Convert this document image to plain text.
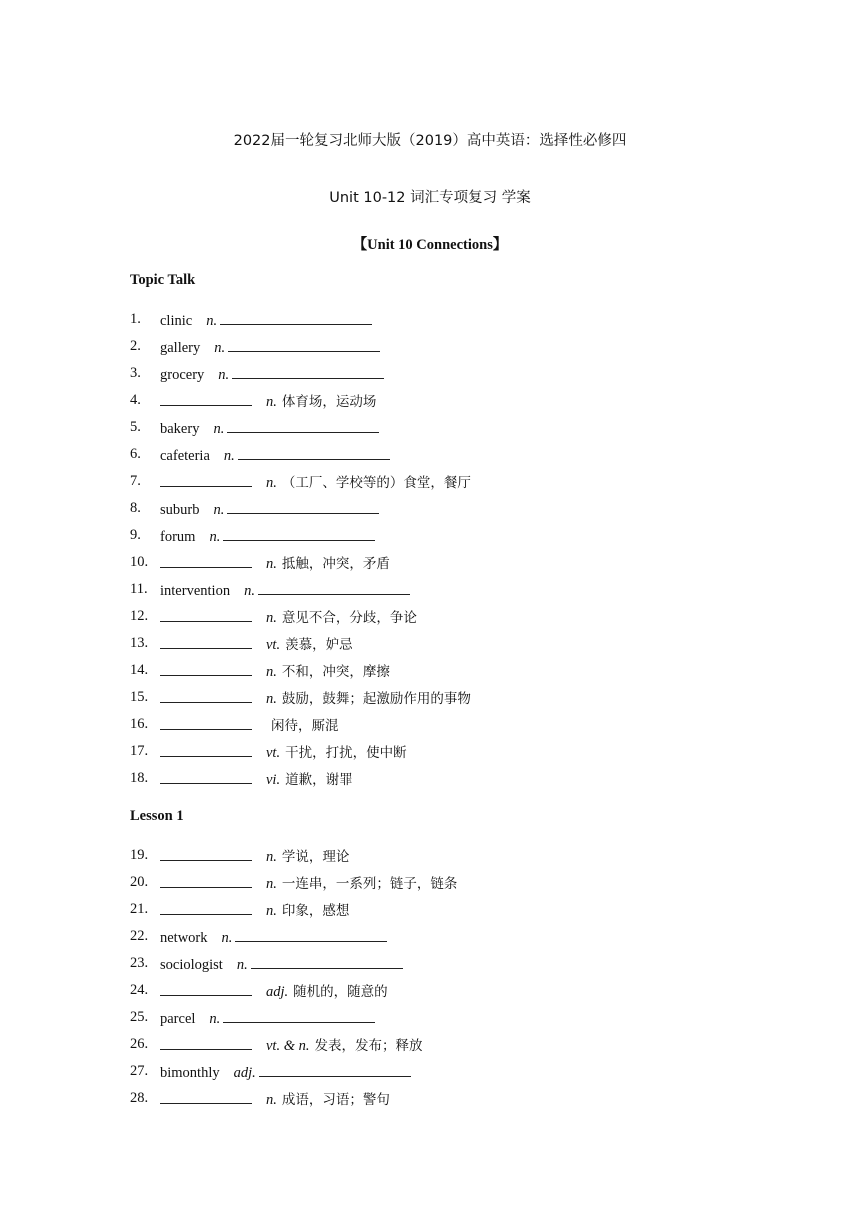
2022届一轮复习北师大版（2019）高中英语：选择性必修四
Unit 10-12 词汇专项复习 学案
【Unit 10 Connections】
Topic Talk
1. clinic n.
2. gallery n.
3. grocery n.
4.	n. 体育场，运动场
5. bakery n.
6. cafeteria n.
7.	n. （工厂、学校等的）食堂，餐厅
8. suburb n.
9. forum n.
10.	n. 抵触，冲突，矛盾
11. intervention n.
12.	n. 意见不合，分歧，争论
13.	vt. 羡慕，妒忌
14.	n. 不和，冲突，摩擦
15.	n. 鼓励，鼓舞；起激励作用的事物
16.	闲待，厮混
17.	vt. 干扰，打扰，使中断
18.	vi. 道歉，谢罪
Lesson 1
19.	n. 学说，理论
20.	n. 一连串，一系列；链子，链条
21.	n. 印象，感想
22. network n.
23. sociologist n.
24.	adj. 随机的，随意的
25. parcel n.
26.	vt. & n. 发表，发布；释放
27. bimonthly adj.
28.	n. 成语，习语；警句
